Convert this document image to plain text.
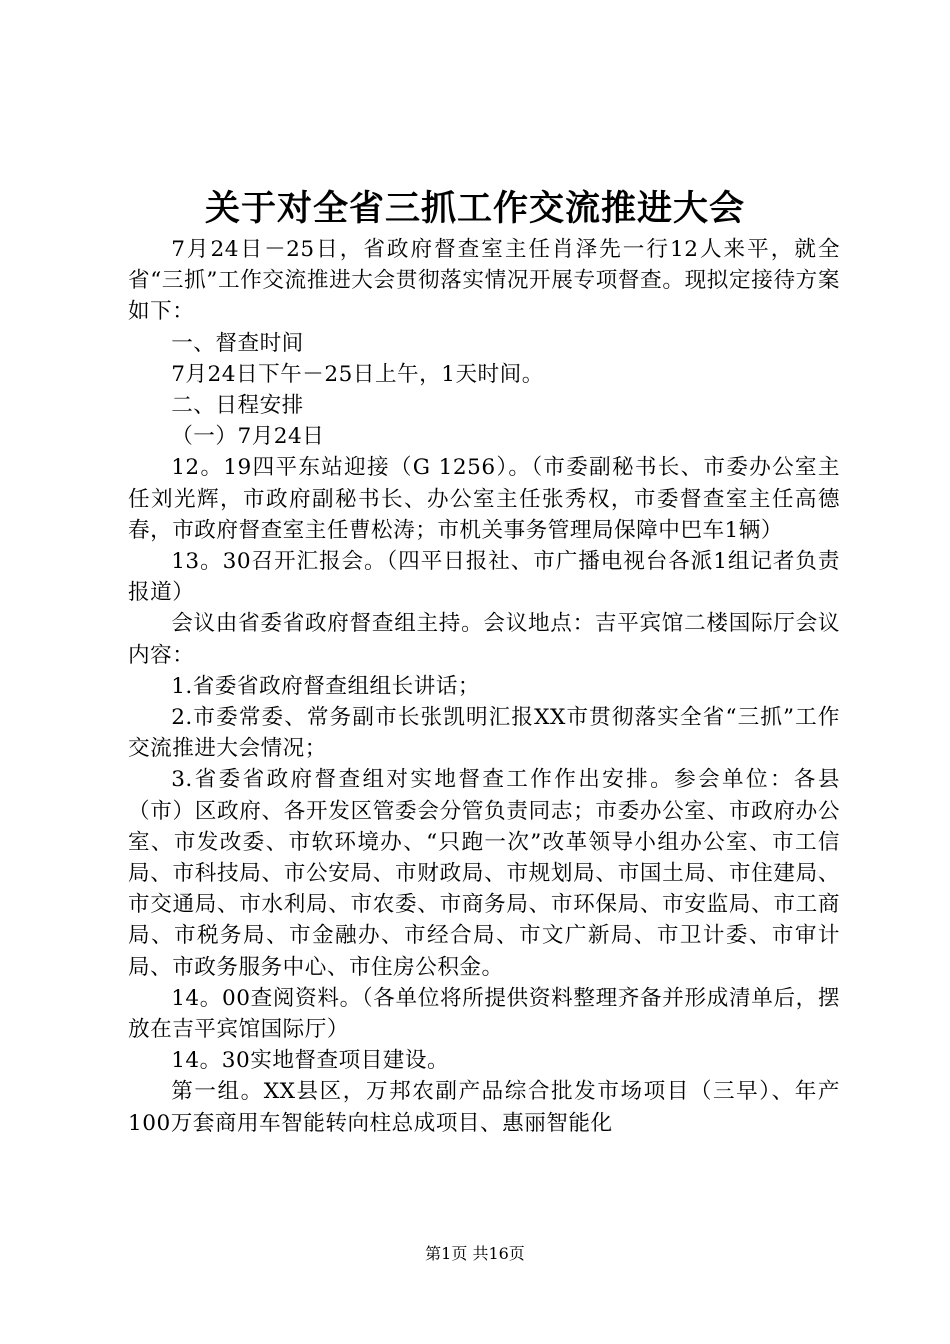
关于对全省三抓工作交流推进大会

7月24日－25日，省政府督查室主任肖泽先一行12人来平，就全省“三抓”工作交流推进大会贯彻落实情况开展专项督查。现拟定接待方案如下：

一、督查时间

7月24日下午－25日上午，1天时间。

二、日程安排

（一）7月24日

12。19四平东站迎接（G 1256）。（市委副秘书长、市委办公室主任刘光辉，市政府副秘书长、办公室主任张秀权，市委督查室主任高德春，市政府督查室主任曹松涛；市机关事务管理局保障中巴车1辆）

13。30召开汇报会。（四平日报社、市广播电视台各派1组记者负责报道）

会议由省委省政府督查组主持。会议地点：吉平宾馆二楼国际厅会议内容：

1.省委省政府督查组组长讲话；

2.市委常委、常务副市长张凯明汇报XX市贯彻落实全省“三抓”工作交流推进大会情况；

3.省委省政府督查组对实地督查工作作出安排。参会单位：各县（市）区政府、各开发区管委会分管负责同志；市委办公室、市政府办公室、市发改委、市软环境办、“只跑一次”改革领导小组办公室、市工信局、市科技局、市公安局、市财政局、市规划局、市国土局、市住建局、市交通局、市水利局、市农委、市商务局、市环保局、市安监局、市工商局、市税务局、市金融办、市经合局、市文广新局、市卫计委、市审计局、市政务服务中心、市住房公积金。

14。00查阅资料。（各单位将所提供资料整理齐备并形成清单后，摆放在吉平宾馆国际厅）

14。30实地督查项目建设。

第一组。XX县区，万邦农副产品综合批发市场项目（三早）、年产100万套商用车智能转向柱总成项目、惠丽智能化

第1页 共16页
